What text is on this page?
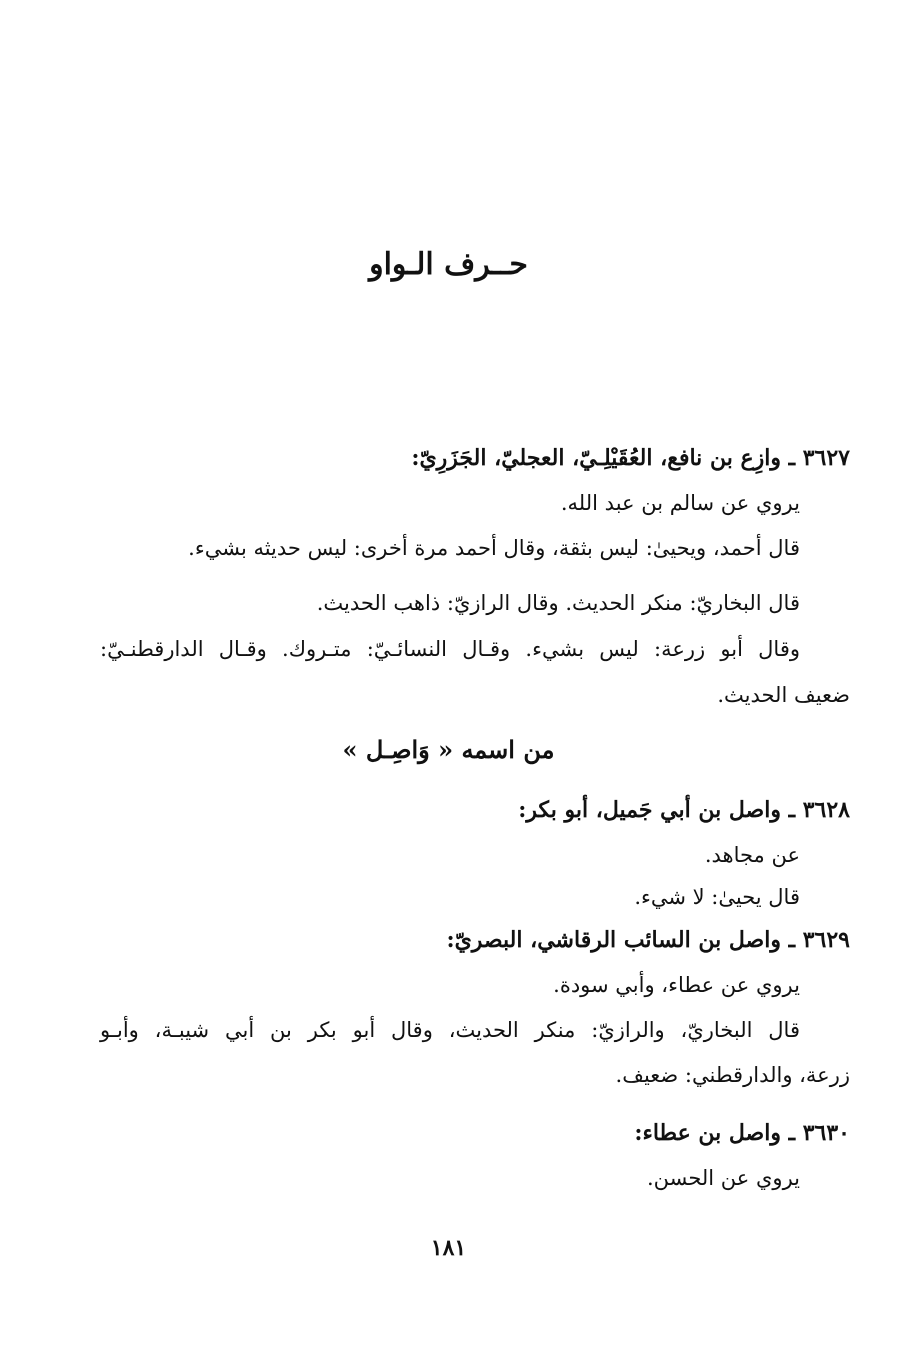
حــرف الـواو
٣٦٢٧ ـ وازِع بن نافع، العُقَيْلِـيّ، العجليّ، الجَزَرِيّ:
يروي عن سالم بن عبد الله.
قال أحمد، ويحيىٰ: ليس بثقة، وقال أحمد مرة أخرى: ليس حديثه بشيء.
قال البخاريّ: منكر الحديث. وقال الرازيّ: ذاهب الحديث.
وقال أبو زرعة: ليس بشيء. وقـال النسائـيّ: متـروك. وقـال الدارقطنـيّ:
ضعيف الحديث.
من اسمه « وَاصِـل »
٣٦٢٨ ـ واصل بن أبي جَميل، أبو بكر:
عن مجاهد.
قال يحيىٰ: لا شيء.
٣٦٢٩ ـ واصل بن السائب الرقاشي، البصريّ:
يروي عن عطاء، وأبي سودة.
قال البخاريّ، والرازيّ: منكر الحديث، وقال أبو بكر بن أبي شيبـة، وأبـو
زرعة، والدارقطني: ضعيف.
٣٦٣٠ ـ واصل بن عطاء:
يروي عن الحسن.
١٨١
